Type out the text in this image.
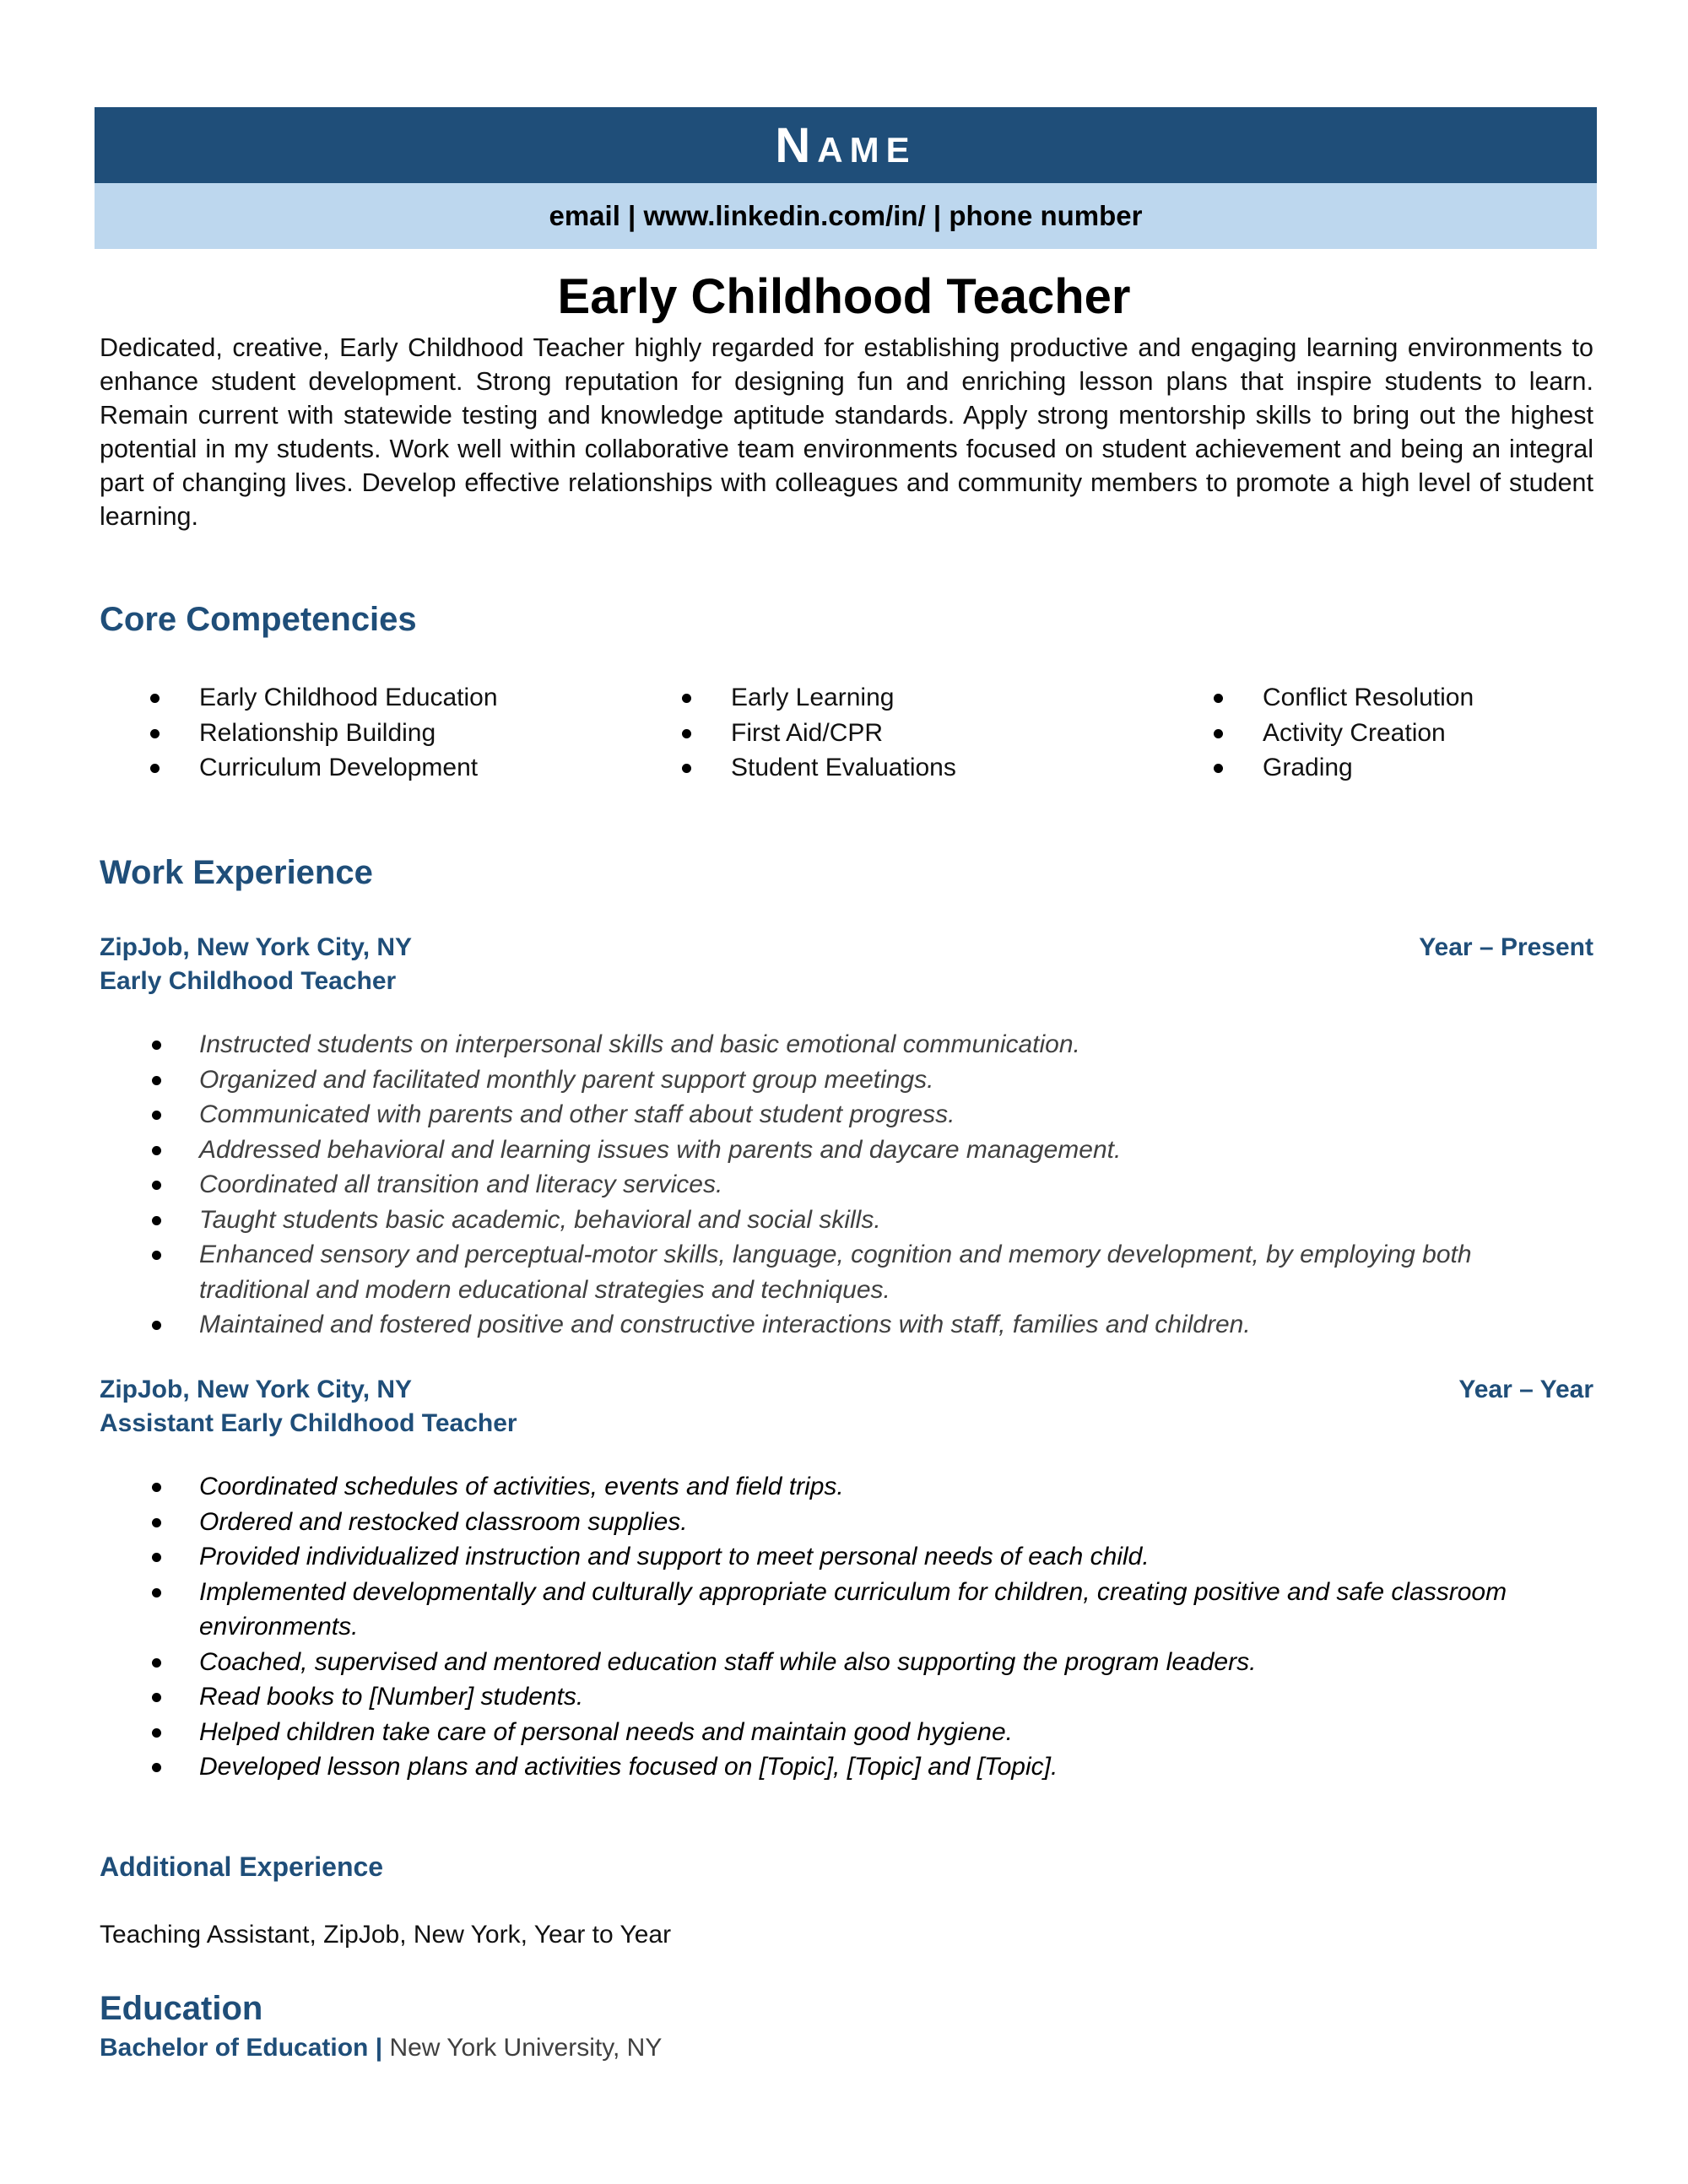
NAME
email | www.linkedin.com/in/ | phone number
Early Childhood Teacher
Dedicated, creative, Early Childhood Teacher highly regarded for establishing productive and engaging learning environments to enhance student development. Strong reputation for designing fun and enriching lesson plans that inspire students to learn. Remain current with statewide testing and knowledge aptitude standards. Apply strong mentorship skills to bring out the highest potential in my students. Work well within collaborative team environments focused on student achievement and being an integral part of changing lives. Develop effective relationships with colleagues and community members to promote a high level of student learning.
Core Competencies
Early Childhood Education
Relationship Building
Curriculum Development
Early Learning
First Aid/CPR
Student Evaluations
Conflict Resolution
Activity Creation
Grading
Work Experience
ZipJob, New York City, NY	Year – Present
Early Childhood Teacher
Instructed students on interpersonal skills and basic emotional communication.
Organized and facilitated monthly parent support group meetings.
Communicated with parents and other staff about student progress.
Addressed behavioral and learning issues with parents and daycare management.
Coordinated all transition and literacy services.
Taught students basic academic, behavioral and social skills.
Enhanced sensory and perceptual-motor skills, language, cognition and memory development, by employing both traditional and modern educational strategies and techniques.
Maintained and fostered positive and constructive interactions with staff, families and children.
ZipJob, New York City, NY	Year – Year
Assistant Early Childhood Teacher
Coordinated schedules of activities, events and field trips.
Ordered and restocked classroom supplies.
Provided individualized instruction and support to meet personal needs of each child.
Implemented developmentally and culturally appropriate curriculum for children, creating positive and safe classroom environments.
Coached, supervised and mentored education staff while also supporting the program leaders.
Read books to [Number] students.
Helped children take care of personal needs and maintain good hygiene.
Developed lesson plans and activities focused on [Topic], [Topic] and [Topic].
Additional Experience
Teaching Assistant, ZipJob, New York, Year to Year
Education
Bachelor of Education | New York University, NY
